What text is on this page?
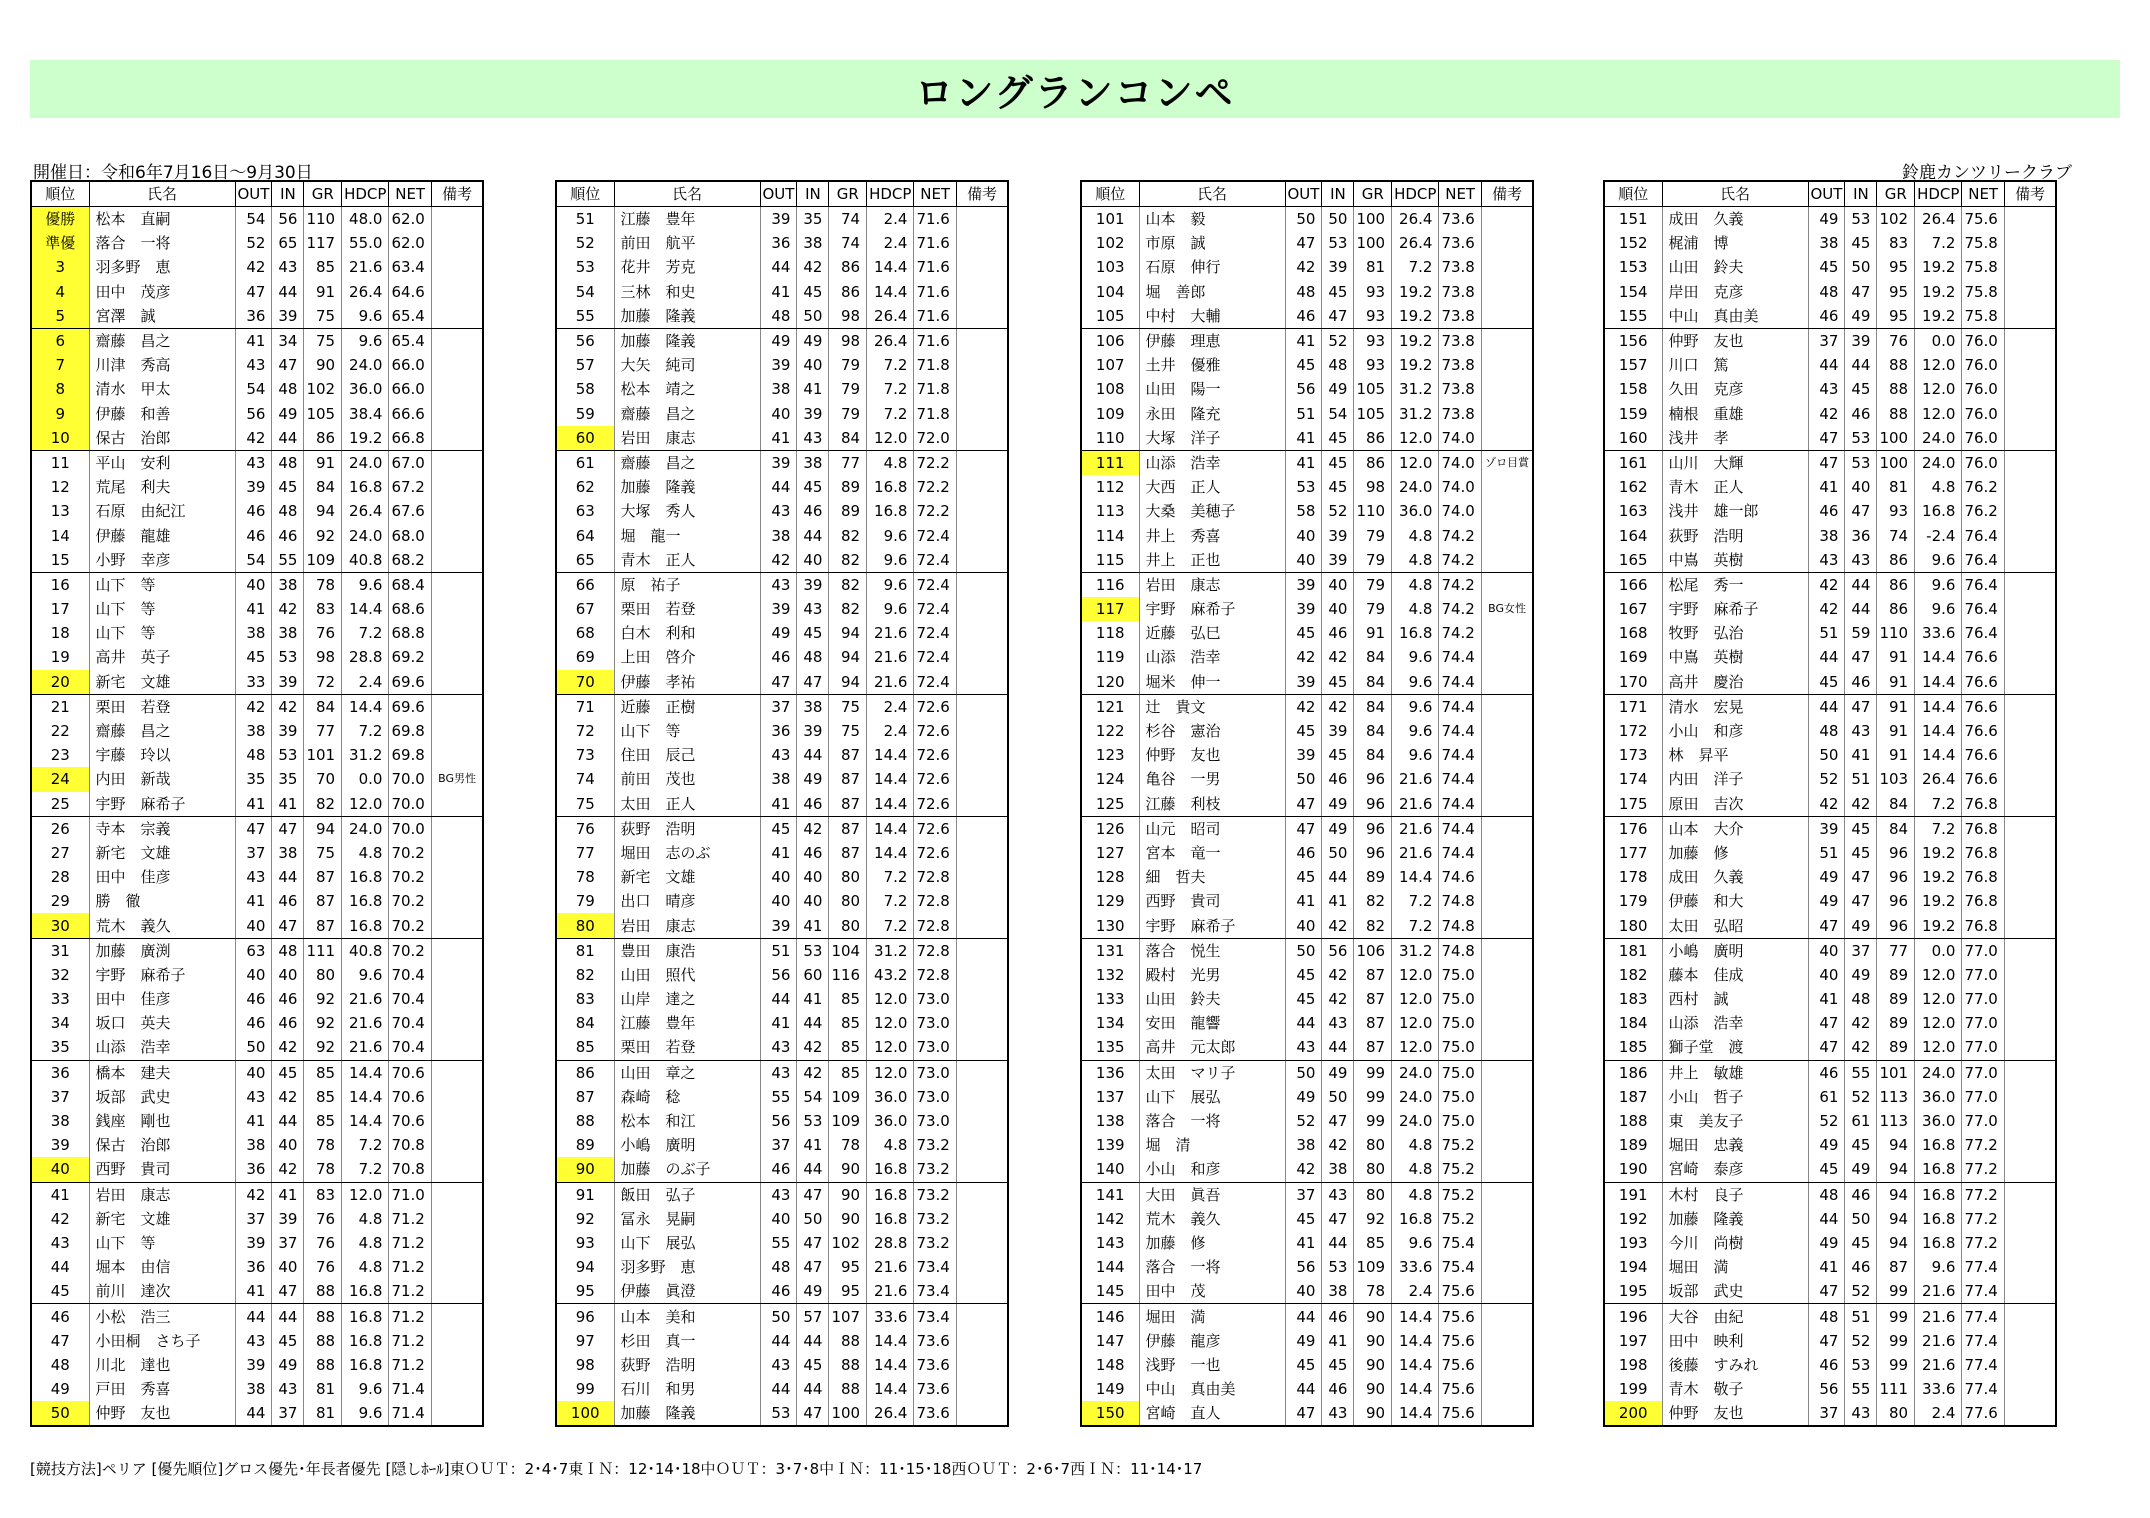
ロングランコンペ
開催日：令和6年7月16日～9月30日	鈴鹿カンツリークラブ
順位	氏名	OUT	IN	GR	HDCP	NET	備考
優勝	松本　直嗣	54	56	110	48.0	62.0	
準優	落合　一将	52	65	117	55.0	62.0	
3	羽多野　恵	42	43	85	21.6	63.4	
4	田中　茂彦	47	44	91	26.4	64.6	
5	宮澤　誠	36	39	75	9.6	65.4	
6	齋藤　昌之	41	34	75	9.6	65.4	
7	川津　秀高	43	47	90	24.0	66.0	
8	清水　甲太	54	48	102	36.0	66.0	
9	伊藤　和善	56	49	105	38.4	66.6	
10	保古　治郎	42	44	86	19.2	66.8	
11	平山　安利	43	48	91	24.0	67.0	
12	荒尾　利夫	39	45	84	16.8	67.2	
13	石原　由紀江	46	48	94	26.4	67.6	
14	伊藤　龍雄	46	46	92	24.0	68.0	
15	小野　幸彦	54	55	109	40.8	68.2	
16	山下　等	40	38	78	9.6	68.4	
17	山下　等	41	42	83	14.4	68.6	
18	山下　等	38	38	76	7.2	68.8	
19	高井　英子	45	53	98	28.8	69.2	
20	新宅　文雄	33	39	72	2.4	69.6	
21	栗田　若登	42	42	84	14.4	69.6	
22	齋藤　昌之	38	39	77	7.2	69.8	
23	宇藤　玲以	48	53	101	31.2	69.8	
24	内田　新哉	35	35	70	0.0	70.0	BG男性
25	宇野　麻希子	41	41	82	12.0	70.0	
26	寺本　宗義	47	47	94	24.0	70.0	
27	新宅　文雄	37	38	75	4.8	70.2	
28	田中　佳彦	43	44	87	16.8	70.2	
29	勝　徹	41	46	87	16.8	70.2	
30	荒木　義久	40	47	87	16.8	70.2	
31	加藤　廣渕	63	48	111	40.8	70.2	
32	宇野　麻希子	40	40	80	9.6	70.4	
33	田中　佳彦	46	46	92	21.6	70.4	
34	坂口　英夫	46	46	92	21.6	70.4	
35	山添　浩幸	50	42	92	21.6	70.4	
36	橋本　建夫	40	45	85	14.4	70.6	
37	坂部　武史	43	42	85	14.4	70.6	
38	銭座　剛也	41	44	85	14.4	70.6	
39	保古　治郎	38	40	78	7.2	70.8	
40	西野　貴司	36	42	78	7.2	70.8	
41	岩田　康志	42	41	83	12.0	71.0	
42	新宅　文雄	37	39	76	4.8	71.2	
43	山下　等	39	37	76	4.8	71.2	
44	堀本　由信	36	40	76	4.8	71.2	
45	前川　達次	41	47	88	16.8	71.2	
46	小松　浩三	44	44	88	16.8	71.2	
47	小田桐　さち子	43	45	88	16.8	71.2	
48	川北　達也	39	49	88	16.8	71.2	
49	戸田　秀喜	38	43	81	9.6	71.4	
50	仲野　友也	44	37	81	9.6	71.4	
順位	氏名	OUT	IN	GR	HDCP	NET	備考
51	江藤　豊年	39	35	74	2.4	71.6	
52	前田　航平	36	38	74	2.4	71.6	
53	花井　芳克	44	42	86	14.4	71.6	
54	三林　和史	41	45	86	14.4	71.6	
55	加藤　隆義	48	50	98	26.4	71.6	
56	加藤　隆義	49	49	98	26.4	71.6	
57	大矢　純司	39	40	79	7.2	71.8	
58	松本　靖之	38	41	79	7.2	71.8	
59	齋藤　昌之	40	39	79	7.2	71.8	
60	岩田　康志	41	43	84	12.0	72.0	
61	齋藤　昌之	39	38	77	4.8	72.2	
62	加藤　隆義	44	45	89	16.8	72.2	
63	大塚　秀人	43	46	89	16.8	72.2	
64	堀　龍一	38	44	82	9.6	72.4	
65	青木　正人	42	40	82	9.6	72.4	
66	原　祐子	43	39	82	9.6	72.4	
67	栗田　若登	39	43	82	9.6	72.4	
68	白木　利和	49	45	94	21.6	72.4	
69	上田　啓介	46	48	94	21.6	72.4	
70	伊藤　孝祐	47	47	94	21.6	72.4	
71	近藤　正樹	37	38	75	2.4	72.6	
72	山下　等	36	39	75	2.4	72.6	
73	住田　辰己	43	44	87	14.4	72.6	
74	前田　茂也	38	49	87	14.4	72.6	
75	太田　正人	41	46	87	14.4	72.6	
76	荻野　浩明	45	42	87	14.4	72.6	
77	堀田　志のぶ	41	46	87	14.4	72.6	
78	新宅　文雄	40	40	80	7.2	72.8	
79	出口　晴彦	40	40	80	7.2	72.8	
80	岩田　康志	39	41	80	7.2	72.8	
81	豊田　康浩	51	53	104	31.2	72.8	
82	山田　照代	56	60	116	43.2	72.8	
83	山岸　達之	44	41	85	12.0	73.0	
84	江藤　豊年	41	44	85	12.0	73.0	
85	栗田　若登	43	42	85	12.0	73.0	
86	山田　章之	43	42	85	12.0	73.0	
87	森崎　稔	55	54	109	36.0	73.0	
88	松本　和江	56	53	109	36.0	73.0	
89	小嶋　廣明	37	41	78	4.8	73.2	
90	加藤　のぶ子	46	44	90	16.8	73.2	
91	飯田　弘子	43	47	90	16.8	73.2	
92	冨永　晃嗣	40	50	90	16.8	73.2	
93	山下　展弘	55	47	102	28.8	73.2	
94	羽多野　恵	48	47	95	21.6	73.4	
95	伊藤　眞澄	46	49	95	21.6	73.4	
96	山本　美和	50	57	107	33.6	73.4	
97	杉田　真一	44	44	88	14.4	73.6	
98	荻野　浩明	43	45	88	14.4	73.6	
99	石川　和男	44	44	88	14.4	73.6	
100	加藤　隆義	53	47	100	26.4	73.6	
順位	氏名	OUT	IN	GR	HDCP	NET	備考
101	山本　毅	50	50	100	26.4	73.6	
102	市原　誠	47	53	100	26.4	73.6	
103	石原　伸行	42	39	81	7.2	73.8	
104	堀　善郎	48	45	93	19.2	73.8	
105	中村　大輔	46	47	93	19.2	73.8	
106	伊藤　理恵	41	52	93	19.2	73.8	
107	土井　優雅	45	48	93	19.2	73.8	
108	山田　陽一	56	49	105	31.2	73.8	
109	永田　隆充	51	54	105	31.2	73.8	
110	大塚　洋子	41	45	86	12.0	74.0	
111	山添　浩幸	41	45	86	12.0	74.0	ゾロ目賞
112	大西　正人	53	45	98	24.0	74.0	
113	大桑　美穂子	58	52	110	36.0	74.0	
114	井上　秀喜	40	39	79	4.8	74.2	
115	井上　正也	40	39	79	4.8	74.2	
116	岩田　康志	39	40	79	4.8	74.2	
117	宇野　麻希子	39	40	79	4.8	74.2	BG女性
118	近藤　弘巳	45	46	91	16.8	74.2	
119	山添　浩幸	42	42	84	9.6	74.4	
120	堀米　伸一	39	45	84	9.6	74.4	
121	辻　貴文	42	42	84	9.6	74.4	
122	杉谷　憲治	45	39	84	9.6	74.4	
123	仲野　友也	39	45	84	9.6	74.4	
124	亀谷　一男	50	46	96	21.6	74.4	
125	江藤　利枝	47	49	96	21.6	74.4	
126	山元　昭司	47	49	96	21.6	74.4	
127	宮本　竜一	46	50	96	21.6	74.4	
128	細　哲夫	45	44	89	14.4	74.6	
129	西野　貴司	41	41	82	7.2	74.8	
130	宇野　麻希子	40	42	82	7.2	74.8	
131	落合　悦生	50	56	106	31.2	74.8	
132	殿村　光男	45	42	87	12.0	75.0	
133	山田　鈴夫	45	42	87	12.0	75.0	
134	安田　龍響	44	43	87	12.0	75.0	
135	高井　元太郎	43	44	87	12.0	75.0	
136	太田　マリ子	50	49	99	24.0	75.0	
137	山下　展弘	49	50	99	24.0	75.0	
138	落合　一将	52	47	99	24.0	75.0	
139	堀　清	38	42	80	4.8	75.2	
140	小山　和彦	42	38	80	4.8	75.2	
141	大田　眞吾	37	43	80	4.8	75.2	
142	荒木　義久	45	47	92	16.8	75.2	
143	加藤　修	41	44	85	9.6	75.4	
144	落合　一将	56	53	109	33.6	75.4	
145	田中　茂	40	38	78	2.4	75.6	
146	堀田　満	44	46	90	14.4	75.6	
147	伊藤　龍彦	49	41	90	14.4	75.6	
148	浅野　一也	45	45	90	14.4	75.6	
149	中山　真由美	44	46	90	14.4	75.6	
150	宮崎　直人	47	43	90	14.4	75.6	
順位	氏名	OUT	IN	GR	HDCP	NET	備考
151	成田　久義	49	53	102	26.4	75.6	
152	梶浦　博	38	45	83	7.2	75.8	
153	山田　鈴夫	45	50	95	19.2	75.8	
154	岸田　克彦	48	47	95	19.2	75.8	
155	中山　真由美	46	49	95	19.2	75.8	
156	仲野　友也	37	39	76	0.0	76.0	
157	川口　篤	44	44	88	12.0	76.0	
158	久田　克彦	43	45	88	12.0	76.0	
159	楠根　重雄	42	46	88	12.0	76.0	
160	浅井　孝	47	53	100	24.0	76.0	
161	山川　大輝	47	53	100	24.0	76.0	
162	青木　正人	41	40	81	4.8	76.2	
163	浅井　雄一郎	46	47	93	16.8	76.2	
164	荻野　浩明	38	36	74	-2.4	76.4	
165	中嶌　英樹	43	43	86	9.6	76.4	
166	松尾　秀一	42	44	86	9.6	76.4	
167	宇野　麻希子	42	44	86	9.6	76.4	
168	牧野　弘治	51	59	110	33.6	76.4	
169	中嶌　英樹	44	47	91	14.4	76.6	
170	高井　慶治	45	46	91	14.4	76.6	
171	清水　宏晃	44	47	91	14.4	76.6	
172	小山　和彦	48	43	91	14.4	76.6	
173	林　昇平	50	41	91	14.4	76.6	
174	内田　洋子	52	51	103	26.4	76.6	
175	原田　吉次	42	42	84	7.2	76.8	
176	山本　大介	39	45	84	7.2	76.8	
177	加藤　修	51	45	96	19.2	76.8	
178	成田　久義	49	47	96	19.2	76.8	
179	伊藤　和大	49	47	96	19.2	76.8	
180	太田　弘昭	47	49	96	19.2	76.8	
181	小嶋　廣明	40	37	77	0.0	77.0	
182	藤本　佳成	40	49	89	12.0	77.0	
183	西村　誠	41	48	89	12.0	77.0	
184	山添　浩幸	47	42	89	12.0	77.0	
185	獅子堂　渡	47	42	89	12.0	77.0	
186	井上　敏雄	46	55	101	24.0	77.0	
187	小山　哲子	61	52	113	36.0	77.0	
188	東　美友子	52	61	113	36.0	77.0	
189	堀田　忠義	49	45	94	16.8	77.2	
190	宮崎　泰彦	45	49	94	16.8	77.2	
191	木村　良子	48	46	94	16.8	77.2	
192	加藤　隆義	44	50	94	16.8	77.2	
193	今川　尚樹	49	45	94	16.8	77.2	
194	堀田　満	41	46	87	9.6	77.4	
195	坂部　武史	47	52	99	21.6	77.4	
196	大谷　由紀	48	51	99	21.6	77.4	
197	田中　映利	47	52	99	21.6	77.4	
198	後藤　すみれ	46	53	99	21.6	77.4	
199	青木　敬子	56	55	111	33.6	77.4	
200	仲野　友也	37	43	80	2.4	77.6	
[競技方法]ペリア [優先順位]グロス優先･年長者優先 [隠しﾎｰﾙ]東ＯＵＴ：2･4･7東ＩＮ：12･14･18中ＯＵＴ：3･7･8中ＩＮ：11･15･18西ＯＵＴ：2･6･7西ＩＮ：11･14･17
